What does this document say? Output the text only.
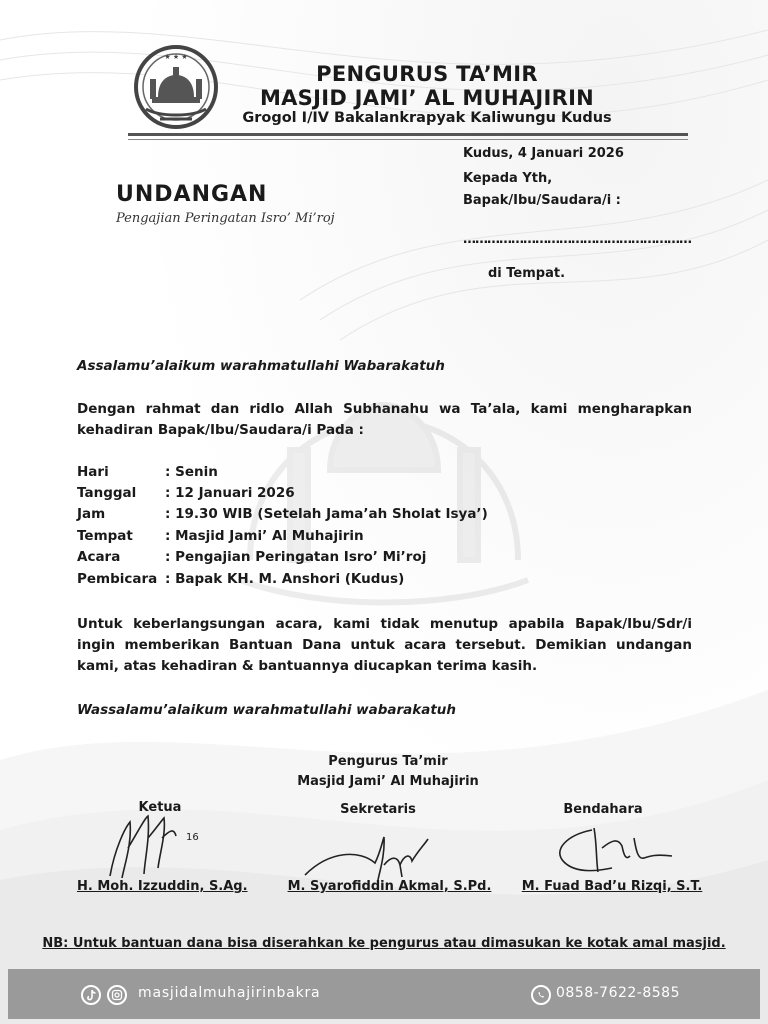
★ ★ ★
PENGURUS TA’MIR
MASJID JAMI’ AL MUHAJIRIN
Grogol I/IV Bakalankrapyak Kaliwungu Kudus
UNDANGAN
Pengajian Peringatan Isro’ Mi’roj
Kudus, 4 Januari 2026
Kepada Yth,
Bapak/Ibu/Saudara/i :
…………………………………………………
di Tempat.
Assalamu’alaikum warahmatullahi Wabarakatuh
Dengan rahmat dan ridlo Allah Subhanahu wa Ta’ala, kami mengharapkan kehadiran Bapak/Ibu/Saudara/i Pada :
Hari	: Senin
Tanggal	: 12 Januari 2026
Jam	: 19.30 WIB (Setelah Jama’ah Sholat Isya’)
Tempat	: Masjid Jami’ Al Muhajirin
Acara	: Pengajian Peringatan Isro’ Mi’roj
Pembicara : Bapak KH. M. Anshori (Kudus)
Untuk keberlangsungan acara, kami tidak menutup apabila Bapak/Ibu/Sdr/i ingin memberikan Bantuan Dana untuk acara tersebut. Demikian undangan kami, atas kehadiran & bantuannya diucapkan terima kasih.
Wassalamu’alaikum warahmatullahi wabarakatuh
Pengurus Ta’mir
Masjid Jami’ Al Muhajirin
Ketua
16
H. Moh. Izzuddin, S.Ag.
Sekretaris
M. Syarofiddin Akmal, S.Pd.
Bendahara
M. Fuad Bad’u Rizqi, S.T.
NB: Untuk bantuan dana bisa diserahkan ke pengurus atau dimasukan ke kotak amal masjid.
masjidalmuhajirinbakra	0858-7622-8585
